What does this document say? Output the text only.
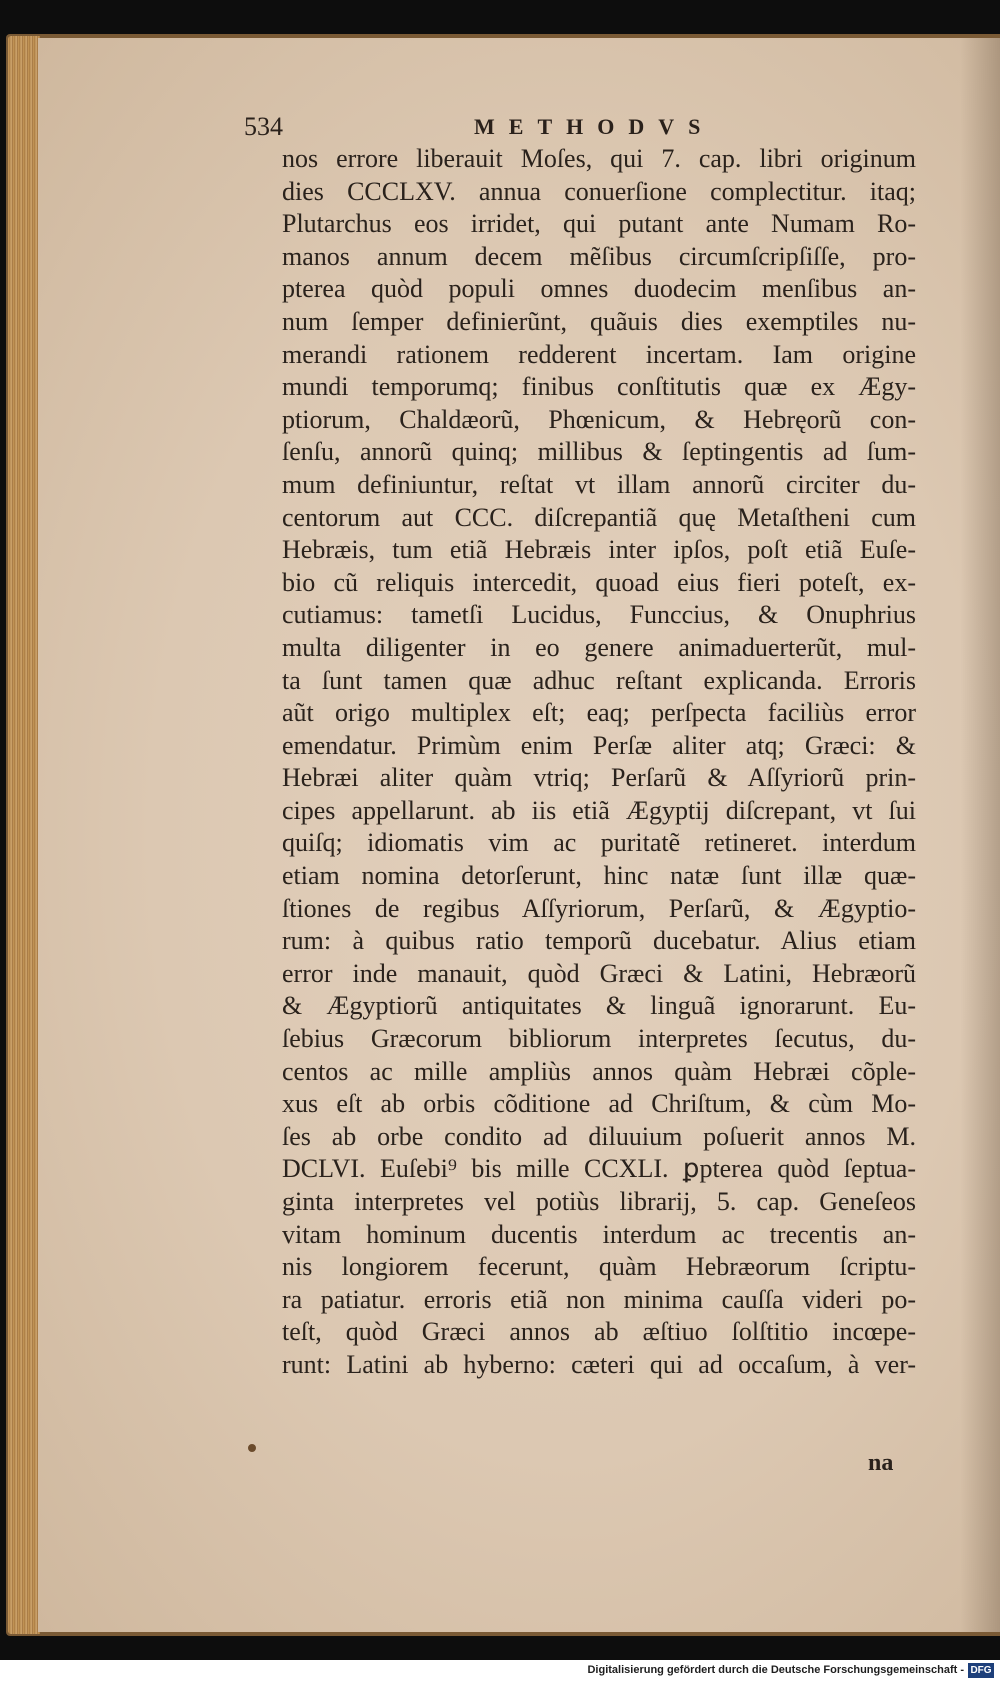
534	METHODVS
nos errore liberauit Moſes, qui 7. cap. libri originum
dies CCCLXV. annua conuerſione complectitur. itaq;
Plutarchus eos irridet, qui putant ante Numam Ro-
manos annum decem mẽſibus circumſcripſiſſe, pro-
pterea quòd populi omnes duodecim menſibus an-
num ſemper definierũnt, quãuis dies exemptiles nu-
merandi rationem redderent incertam. Iam origine
mundi temporumq; finibus conſtitutis quæ ex Ægy-
ptiorum, Chaldæorũ, Phœnicum, & Hebręorũ con-
ſenſu, annorũ quinq; millibus & ſeptingentis ad ſum-
mum definiuntur, reſtat vt illam annorũ circiter du-
centorum aut CCC. diſcrepantiã quę Metaſtheni cum
Hebræis, tum etiã Hebræis inter ipſos, poſt etiã Euſe-
bio cũ reliquis intercedit, quoad eius fieri poteſt, ex-
cutiamus: tametſi Lucidus, Funccius, & Onuphrius
multa diligenter in eo genere animaduerterũt, mul-
ta ſunt tamen quæ adhuc reſtant explicanda. Erroris
aũt origo multiplex eſt; eaq; perſpecta faciliùs error
emendatur. Primùm enim Perſæ aliter atq; Græci: &
Hebræi aliter quàm vtriq; Perſarũ & Aſſyriorũ prin-
cipes appellarunt. ab iis etiã Ægyptij diſcrepant, vt ſui
quiſq; idiomatis vim ac puritatẽ retineret. interdum
etiam nomina detorſerunt, hinc natæ ſunt illæ quæ-
ſtiones de regibus Aſſyriorum, Perſarũ, & Ægyptio-
rum: à quibus ratio temporũ ducebatur. Alius etiam
error inde manauit, quòd Græci & Latini, Hebræorũ
& Ægyptiorũ antiquitates & linguã ignorarunt. Eu-
ſebius Græcorum bibliorum interpretes ſecutus, du-
centos ac mille ampliùs annos quàm Hebræi cõple-
xus eſt ab orbis cõditione ad Chriſtum, & cùm Mo-
ſes ab orbe condito ad diluuium poſuerit annos M.
DCLVI. Euſebi⁹ bis mille CCXLI. ꝑpterea quòd ſeptua-
ginta interpretes vel potiùs librarij, 5. cap. Geneſeos
vitam hominum ducentis interdum ac trecentis an-
nis longiorem fecerunt, quàm Hebræorum ſcriptu-
ra patiatur. erroris etiã non minima cauſſa videri po-
teſt, quòd Græci annos ab æſtiuo ſolſtitio incœpe-
runt: Latini ab hyberno: cæteri qui ad occaſum, à ver-
na
Digitalisierung gefördert durch die Deutsche Forschungsgemeinschaft - DFG
